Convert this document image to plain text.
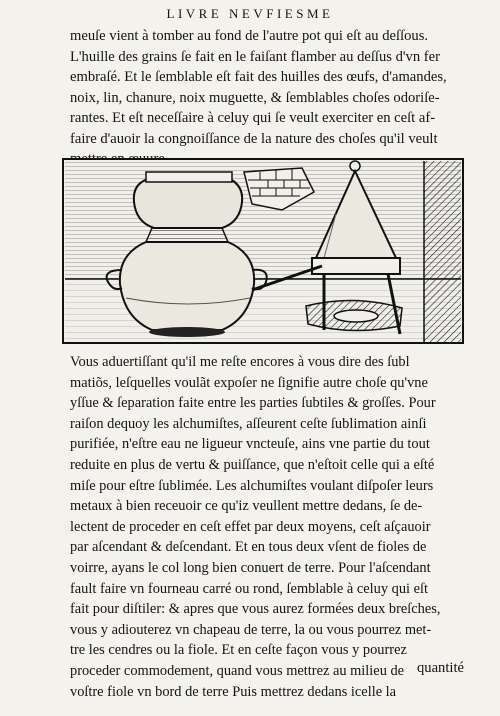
LIVRE NEVFIESME
meuſe vient à tomber au fond de l'autre pot qui eſt au deſſous.
L'huille des grains ſe fait en le faiſant flamber au deſſus d'vn fer
embraſé. Et le ſemblable eſt fait des huilles des œufs, d'amandes,
noix, lin, chanure, noix muguette, & ſemblables choſes odoriſe-
rantes. Et eſt neceſſaire à celuy qui ſe veult exerciter en ceſt af-
faire d'auoir la congnoiſſance de la nature des choſes qu'il veult
Vous aduertiſſant qu'il me reſte encores à vous dire des ſubl
matiõs, leſquelles voulãt expoſer ne ſignifie autre choſe qu'vne
yſſue & ſeparation faite entre les parties ſubtiles & groſſes. Pour
raiſon dequoy les alchumiſtes, aſſeurent ceſte ſublimation ainſi
purifiée, n'eſtre eau ne ligueur vncteuſe, ains vne partie du tout
reduite en plus de vertu & puiſſance, que n'eſtoit celle qui a eſté
miſe pour eſtre ſublimée. Les alchumiſtes voulant diſpoſer leurs
metaux à bien receuoir ce qu'iz veullent mettre dedans, ſe de-
lectent de proceder en ceſt effet par deux moyens, ceſt aſçauoir
par aſcendant & deſcendant. Et en tous deux vſent de fioles de
voirre, ayans le col long bien conuert de terre. Pour l'aſcendant
fault faire vn fourneau carré ou rond, ſemblable à celuy qui eſt
fait pour diſtiler: & apres que vous aurez formées deux breſches,
vous y adiouterez vn chapeau de terre, la ou vous pourrez met-
tre les cendres ou la fiole. Et en ceſte façon vous y pourrez
proceder commodement, quand vous mettrez au milieu de
voſtre fiole vn bord de terre Puis mettrez dedans icelle la
quantité
